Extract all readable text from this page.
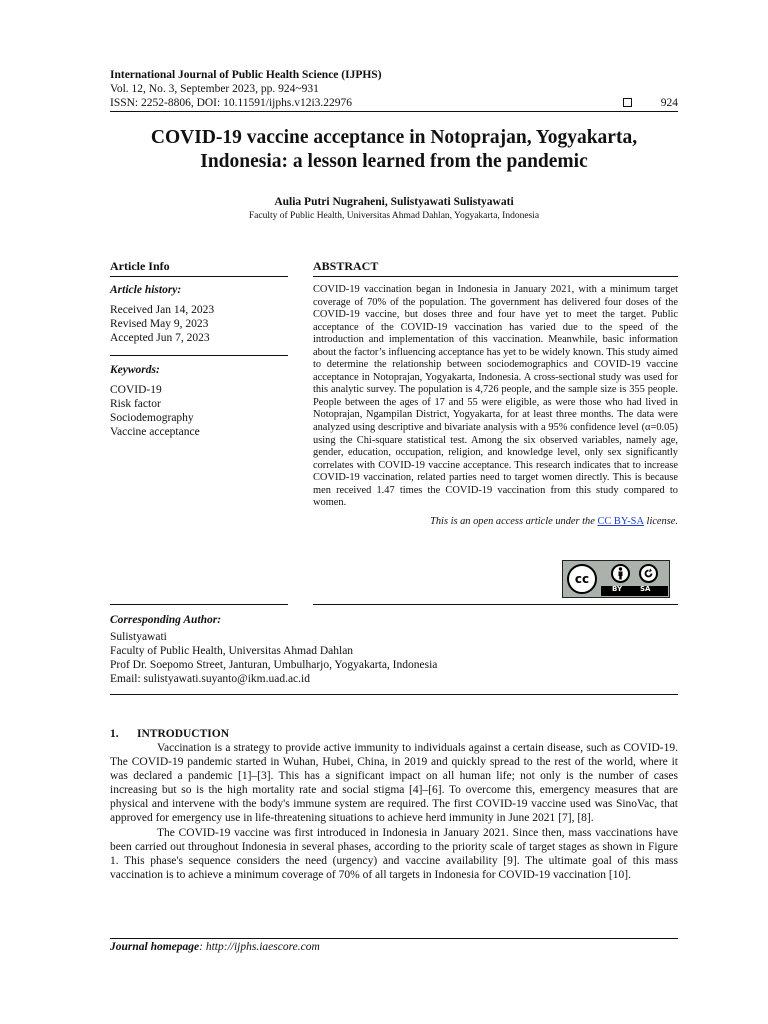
International Journal of Public Health Science (IJPHS)
Vol. 12, No. 3, September 2023, pp. 924~931
ISSN: 2252-8806, DOI: 10.11591/ijphs.v12i3.22976	924
COVID-19 vaccine acceptance in Notoprajan, Yogyakarta, Indonesia: a lesson learned from the pandemic
Aulia Putri Nugraheni, Sulistyawati Sulistyawati
Faculty of Public Health, Universitas Ahmad Dahlan, Yogyakarta, Indonesia
Article Info
Article history:
Received Jan 14, 2023
Revised May 9, 2023
Accepted Jun 7, 2023
Keywords:
COVID-19
Risk factor
Sociodemography
Vaccine acceptance
ABSTRACT
COVID-19 vaccination began in Indonesia in January 2021, with a minimum target coverage of 70% of the population. The government has delivered four doses of the COVID-19 vaccine, but doses three and four have yet to meet the target. Public acceptance of the COVID-19 vaccination has varied due to the speed of the introduction and implementation of this vaccination. Meanwhile, basic information about the factor’s influencing acceptance has yet to be widely known. This study aimed to determine the relationship between sociodemographics and COVID-19 vaccine acceptance in Notoprajan, Yogyakarta, Indonesia. A cross-sectional study was used for this analytic survey. The population is 4,726 people, and the sample size is 355 people. People between the ages of 17 and 55 were eligible, as were those who had lived in Notoprajan, Ngampilan District, Yogyakarta, for at least three months. The data were analyzed using descriptive and bivariate analysis with a 95% confidence level (α=0.05) using the Chi-square statistical test. Among the six observed variables, namely age, gender, education, occupation, religion, and knowledge level, only sex significantly correlates with COVID-19 vaccine acceptance. This research indicates that to increase COVID-19 vaccination, related parties need to target women directly. This is because men received 1.47 times the COVID-19 vaccination from this study compared to women.
This is an open access article under the CC BY-SA license.
cc
BY	SA
Corresponding Author:
Sulistyawati
Faculty of Public Health, Universitas Ahmad Dahlan
Prof Dr. Soepomo Street, Janturan, Umbulharjo, Yogyakarta, Indonesia
Email: sulistyawati.suyanto@ikm.uad.ac.id
1. INTRODUCTION

Vaccination is a strategy to provide active immunity to individuals against a certain disease, such as COVID-19. The COVID-19 pandemic started in Wuhan, Hubei, China, in 2019 and quickly spread to the rest of the world, where it was declared a pandemic [1]–[3]. This has a significant impact on all human life; not only is the number of cases increasing but so is the high mortality rate and social stigma [4]–[6]. To overcome this, emergency measures that are physical and intervene with the body's immune system are required. The first COVID-19 vaccine used was SinoVac, that approved for emergency use in life-threatening situations to achieve herd immunity in June 2021 [7], [8].

The COVID-19 vaccine was first introduced in Indonesia in January 2021. Since then, mass vaccinations have been carried out throughout Indonesia in several phases, according to the priority scale of target stages as shown in Figure 1. This phase's sequence considers the need (urgency) and vaccine availability [9]. The ultimate goal of this mass vaccination is to achieve a minimum coverage of 70% of all targets in Indonesia for COVID-19 vaccination [10].

Journal homepage: http://ijphs.iaescore.com
